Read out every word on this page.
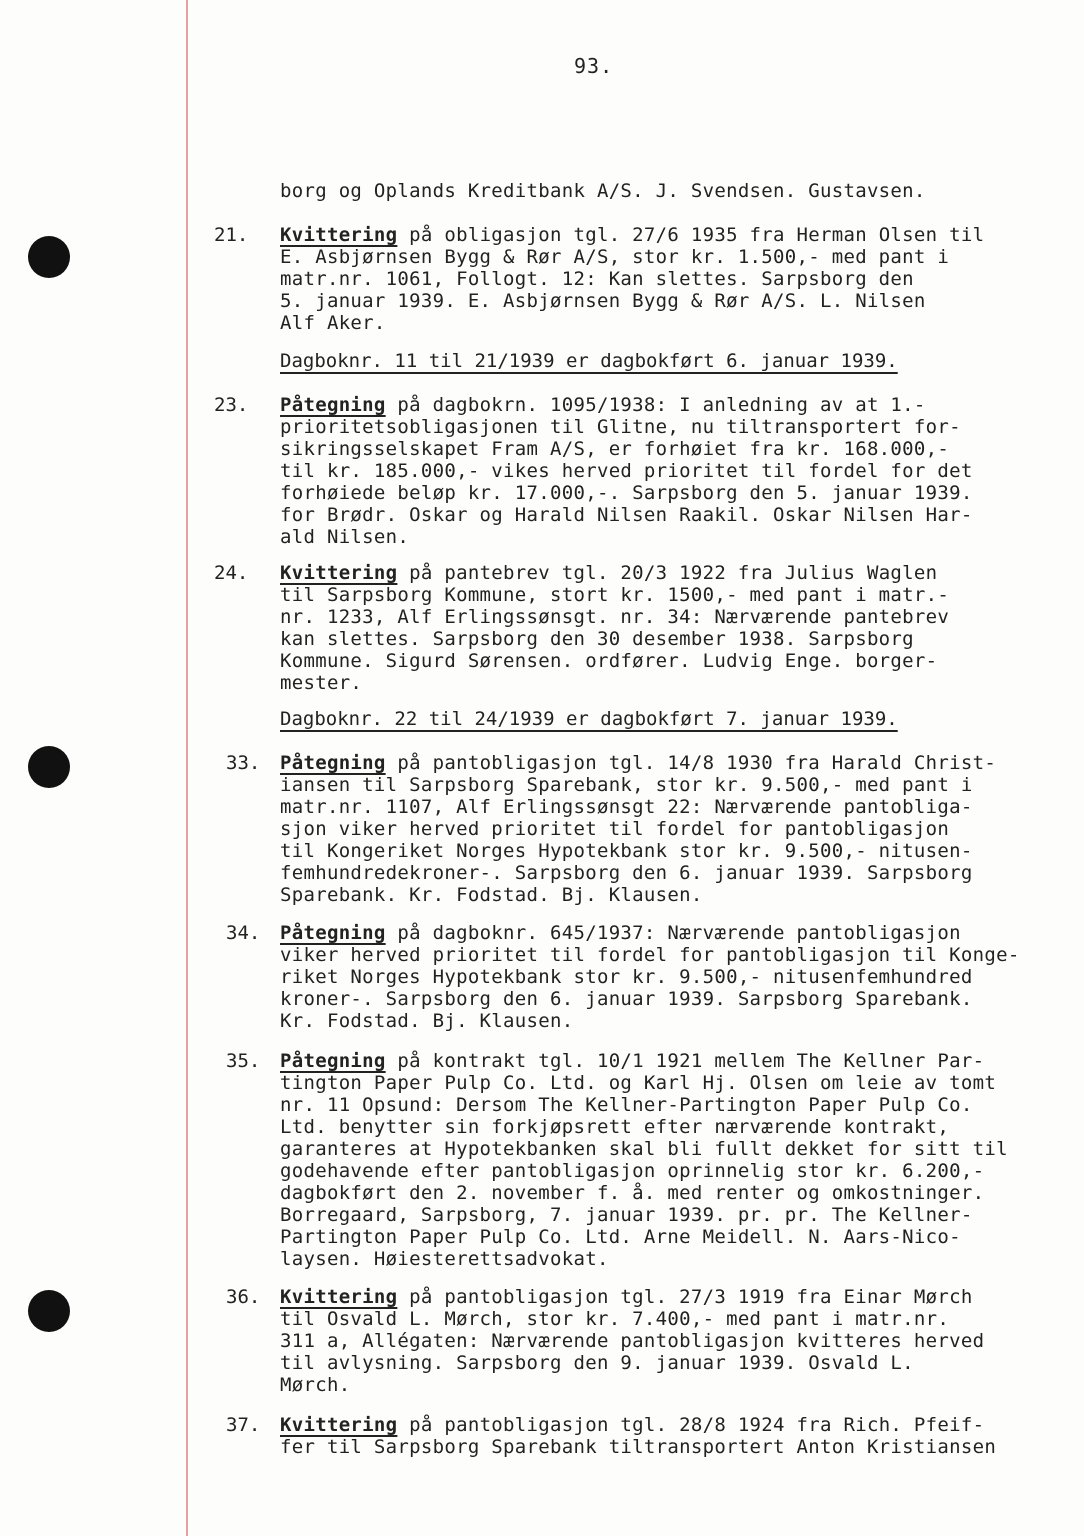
93.
borg og Oplands Kreditbank A/S. J. Svendsen. Gustavsen.
21. Kvittering på obligasjon tgl. 27/6 1935 fra Herman Olsen til
E. Asbjørnsen Bygg & Rør A/S, stor kr. 1.500,- med pant i
matr.nr. 1061, Follogt. 12: Kan slettes. Sarpsborg den
5. januar 1939. E. Asbjørnsen Bygg & Rør A/S. L. Nilsen
Alf Aker.
Dagboknr. 11 til 21/1939 er dagbokført 6. januar 1939.
23. Påtegning på dagbokrn. 1095/1938: I anledning av at 1.-
prioritetsobligasjonen til Glitne, nu tiltransportert for-
sikringsselskapet Fram A/S, er forhøiet fra kr. 168.000,-
til kr. 185.000,- vikes herved prioritet til fordel for det
forhøiede beløp kr. 17.000,-. Sarpsborg den 5. januar 1939.
for Brødr. Oskar og Harald Nilsen Raakil. Oskar Nilsen Har-
ald Nilsen.
24. Kvittering på pantebrev tgl. 20/3 1922 fra Julius Waglen
til Sarpsborg Kommune, stort kr. 1500,- med pant i matr.-
nr. 1233, Alf Erlingssønsgt. nr. 34: Nærværende pantebrev
kan slettes. Sarpsborg den 30 desember 1938. Sarpsborg
Kommune. Sigurd Sørensen. ordfører. Ludvig Enge. borger-
mester.
Dagboknr. 22 til 24/1939 er dagbokført 7. januar 1939.
33. Påtegning på pantobligasjon tgl. 14/8 1930 fra Harald Christ-
iansen til Sarpsborg Sparebank, stor kr. 9.500,- med pant i
matr.nr. 1107, Alf Erlingssønsgt 22: Nærværende pantobliga-
sjon viker herved prioritet til fordel for pantobligasjon
til Kongeriket Norges Hypotekbank stor kr. 9.500,- nitusen-
femhundredekroner-. Sarpsborg den 6. januar 1939. Sarpsborg
Sparebank. Kr. Fodstad. Bj. Klausen.
34. Påtegning på dagboknr. 645/1937: Nærværende pantobligasjon
viker herved prioritet til fordel for pantobligasjon til Konge-
riket Norges Hypotekbank stor kr. 9.500,- nitusenfemhundred
kroner-. Sarpsborg den 6. januar 1939. Sarpsborg Sparebank.
Kr. Fodstad. Bj. Klausen.
35. Påtegning på kontrakt tgl. 10/1 1921 mellem The Kellner Par-
tington Paper Pulp Co. Ltd. og Karl Hj. Olsen om leie av tomt
nr. 11 Opsund: Dersom The Kellner-Partington Paper Pulp Co.
Ltd. benytter sin forkjøpsrett efter nærværende kontrakt,
garanteres at Hypotekbanken skal bli fullt dekket for sitt til
godehavende efter pantobligasjon oprinnelig stor kr. 6.200,-
dagbokført den 2. november f. å. med renter og omkostninger.
Borregaard, Sarpsborg, 7. januar 1939. pr. pr. The Kellner-
Partington Paper Pulp Co. Ltd. Arne Meidell. N. Aars-Nico-
laysen. Høiesterettsadvokat.
36. Kvittering på pantobligasjon tgl. 27/3 1919 fra Einar Mørch
til Osvald L. Mørch, stor kr. 7.400,- med pant i matr.nr.
311 a, Allégaten: Nærværende pantobligasjon kvitteres herved
til avlysning. Sarpsborg den 9. januar 1939. Osvald L.
Mørch.
37. Kvittering på pantobligasjon tgl. 28/8 1924 fra Rich. Pfeif-
fer til Sarpsborg Sparebank tiltransportert Anton Kristiansen
